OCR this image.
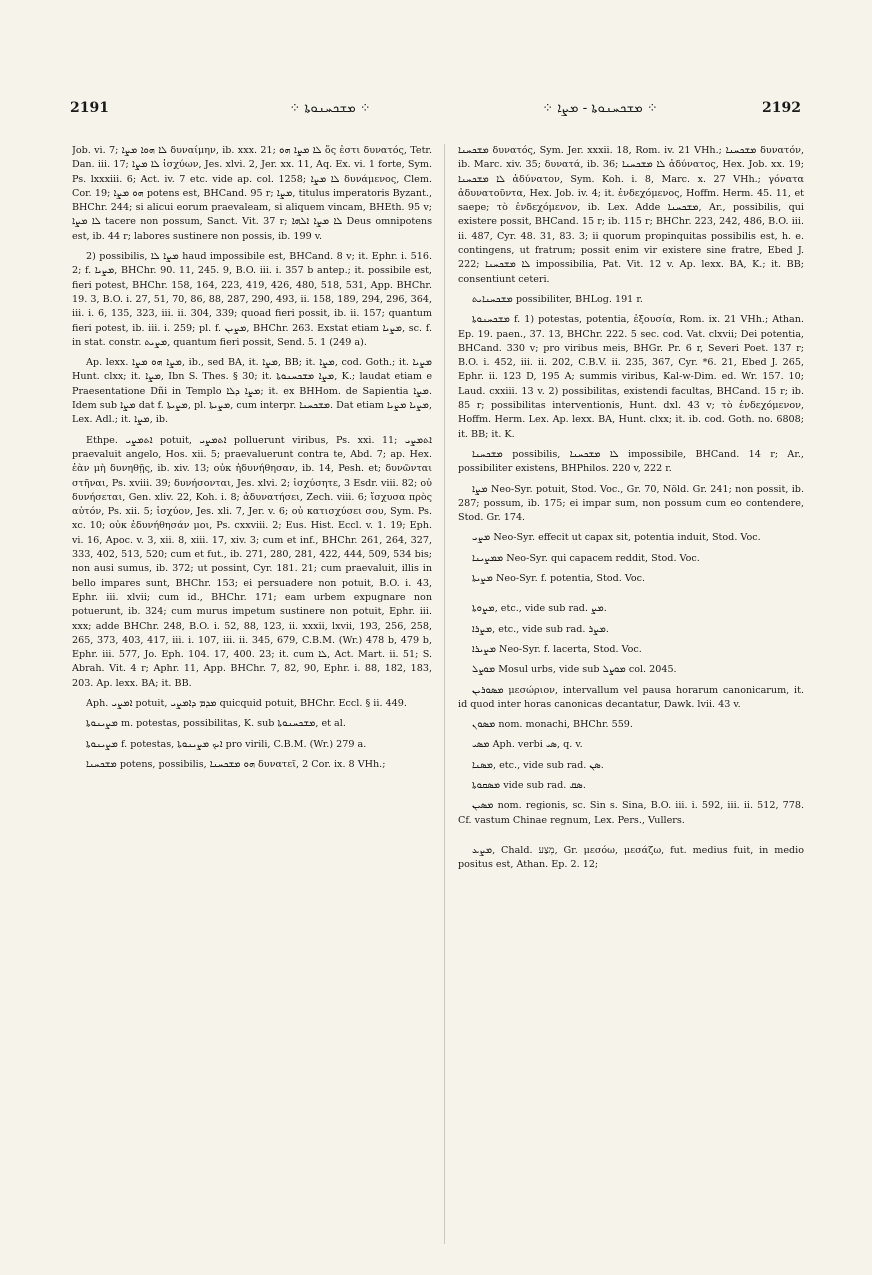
2191	⁘ ܡܫܟܚܢܘܬܐ ⁘	⁘ ܡܫܟܚܢܘܬܐ - ܡܨܐ ⁘	2192

Job. vi. 7; ܠܐ ܗܘܐ ܡܨܐ δυναίμην, ib. xxx. 21; ܠܐ ܡܨܐ ܗܘ ὅς ἐστι δυνατός, Tetr. Dan. iii. 17; ܠܐ ܡܨܐ ἰσχύων, Jes. xlvi. 2, Jer. xx. 11, Aq. Ex. vi. 1 forte, Sym. Ps. lxxxiii. 6; Act. iv. 7 etc. vide ap. col. 1258; ܠܐ ܡܨܐ δυνάμενος, Clem. Cor. 19; ܗܘ ܡܨܐ potens est, BHCand. 95 r; ܡܨܐ, titulus imperatoris Byzant., BHChr. 244; si alicui eorum praevaleam, si aliquem vincam, BHEth. 95 v; ܠܐ ܡܨܐ tacere non possum, Sanct. Vit. 37 r; ܠܐ ܡܨܐ ܐܠܗܐ Deus omnipotens est, ib. 44 r; labores sustinere non possis, ib. 199 v.

2) possibilis, ܡܨܐ ܠܐ haud impossibile est, BHCand. 8 v; it. Ephr. i. 516. 2; f. ܡܨܝܐ, BHChr. 90. 11, 245. 9, B.O. iii. i. 357 b antep.; it. possibile est, fieri potest, BHChr. 158, 164, 223, 419, 426, 480, 518, 531, App. BHChr. 19. 3, B.O. i. 27, 51, 70, 86, 88, 287, 290, 493, ii. 158, 189, 294, 296, 364, iii. i. 6, 135, 323, iii. ii. 304, 339; quoad fieri possit, ib. ii. 157; quantum fieri potest, ib. iii. i. 259; pl. f. ܡܨܝܢ, BHChr. 263. Exstat etiam ܡܨܝܐ, sc. f. in stat. constr. ܡܨܝܬ, quantum fieri possit, Send. 5. 1 (249 a).

Ap. lexx. ܡܨܐ ܗܘ ܡܨܐ, ib., sed BA, it. ܡܨܐ, BB; it. ܡܨܐ, cod. Goth.; it. ܡܨܝܐ Hunt. clxx; it. ܡܨܐ, Ibn S. Thes. § 30; it. ܡܨܐ ܡܫܟܚܢܘܬܐ, K.; laudat etiam e Praesentatione Dñi in Templo ܡܨܐ ܕܠܐ; it. ex BHHom. de Sapientia ܡܨܐ. Idem sub ܡܨܐ dat f. ܡܨܝܬܐ, pl. ܡܨܝܬܐ, cum interpr. ܡܫܟܚܢܐ. Dat etiam ܡܨܝܐ ܡܨܝܐ, Lex. Adl.; it. ܡܨܐ, ib.

Ethpe. ܐܬܡܨܝ potuit, ܐܬܡܨܝ polluerunt viribus, Ps. xxi. 11; ܐܬܡܨܝ praevaluit angelo, Hos. xii. 5; praevaluerunt contra te, Abd. 7; ap. Hex. ἐὰν μὴ δυνηθῇς, ib. xiv. 13; οὐκ ἠδυνήθησαν, ib. 14, Pesh. et; δυνῶνται στῆναι, Ps. xviii. 39; δυνήσονται, Jes. xlvi. 2; ἰσχύσητε, 3 Esdr. viii. 82; οὐ δυνήσεται, Gen. xliv. 22, Koh. i. 8; ἀδυνατήσει, Zech. viii. 6; ἴσχυσα πρὸς αὐτόν, Ps. xii. 5; ἰσχύον, Jes. xli. 7, Jer. v. 6; οὐ κατισχύσει σου, Sym. Ps. xc. 10; οὐκ ἐδυνήθησάν μοι, Ps. cxxviii. 2; Eus. Hist. Eccl. v. 1. 19; Eph. vi. 16, Apoc. v. 3, xii. 8, xiii. 17, xiv. 3; cum et inf., BHChr. 261, 264, 327, 333, 402, 513, 520; cum et fut., ib. 271, 280, 281, 422, 444, 509, 534 bis; non ausi sumus, ib. 372; ut possint, Cyr. 181. 21; cum praevaluit, illis in bello impares sunt, BHChr. 153; ei persuadere non potuit, B.O. i. 43, Ephr. iii. xlvii; cum id., BHChr. 171; eam urbem expugnare non potuerunt, ib. 324; cum murus impetum sustinere non potuit, Ephr. iii. xxx; adde BHChr. 248, B.O. i. 52, 88, 123, ii. xxxii, lxvii, 193, 256, 258, 265, 373, 403, 417, iii. i. 107, iii. ii. 345, 679, C.B.M. (Wr.) 478 b, 479 b, Ephr. iii. 577, Jo. Eph. 104. 17, 400. 23; it. cum ܠܐ, Act. Mart. ii. 51; S. Abrah. Vit. 4 r; Aphr. 11, App. BHChr. 7, 82, 90, Ephr. i. 88, 182, 183, 203. Ap. lexx. BA; it. BB.

Aph. ܐܡܨܝ potuit, ܡܕܡ ܕܐܡܨܝ quicquid potuit, BHChr. Eccl. § ii. 449.

ܡܨܝܢܘܬܐ m. potestas, possibilitas, K. sub ܡܫܟܚܢܘܬܐ, et al.

ܡܨܝܢܘܬܐ f. potestas, ܐܝܟ ܡܨܝܢܘܬܐ pro virili, C.B.M. (Wr.) 279 a.

ܡܫܟܚܢܐ potens, possibilis, ܗܘ ܡܫܟܚܢܐ δυνατεῖ, 2 Cor. ix. 8 VHh.;

ܡܫܟܚܢܐ δυνατός, Sym. Jer. xxxii. 18, Rom. iv. 21 VHh.; ܡܫܟܚܢܐ δυνατόν, ib. Marc. xiv. 35; δυνατά, ib. 36; ܠܐ ܡܫܟܚܢܐ ἀδύνατος, Hex. Job. xx. 19; ܠܐ ܡܫܟܚܢܐ ἀδύνατον, Sym. Koh. i. 8, Marc. x. 27 VHh.; γόνατα ἀδυνατοῦντα, Hex. Job. iv. 4; it. ἐνδεχόμενος, Hoffm. Herm. 45. 11, et saepe; τὸ ἐνδεχόμενον, ib. Lex. Adde ܡܫܟܚܢܐ, Ar., possibilis, qui existere possit, BHCand. 15 r; ib. 115 r; BHChr. 223, 242, 486, B.O. iii. ii. 487, Cyr. 48. 31, 83. 3; ii quorum propinquitas possibilis est, h. e. contingens, ut fratrum; possit enim vir existere sine fratre, Ebed J. 222; ܠܐ ܡܫܟܚܢܐ impossibilia, Pat. Vit. 12 v. Ap. lexx. BA, K.; it. BB; consentiunt ceteri.

ܡܫܟܚܢܐܝܬ possibiliter, BHLog. 191 r.

ܡܫܟܚܢܘܬܐ f. 1) potestas, potentia, ἐξουσία, Rom. ix. 21 VHh.; Athan. Ep. 19. paen., 37. 13, BHChr. 222. 5 sec. cod. Vat. clxvii; Dei potentia, BHCand. 330 v; pro viribus meis, BHGr. Pr. 6 r, Severi Poet. 137 r; B.O. i. 452, iii. ii. 202, C.B.V. ii. 235, 367, Cyr. *6. 21, Ebed J. 265, Ephr. ii. 123 D, 195 A; summis viribus, Kal-w-Dim. ed. Wr. 157. 10; Laud. cxxiii. 13 v. 2) possibilitas, existendi facultas, BHCand. 15 r; ib. 85 r; possibilitas interventionis, Hunt. dxl. 43 v; τὸ ἐνδεχόμενον, Hoffm. Herm. Lex. Ap. lexx. BA, Hunt. clxx; it. ib. cod. Goth. no. 6808; it. BB; it. K.

ܡܫܟܚܢܐ possibilis, ܠܐ ܡܫܟܚܢܐ impossibile, BHCand. 14 r; Ar., possibiliter existens, BHPhilos. 220 v, 222 r.

ܡܨܐ Neo-Syr. potuit, Stod. Voc., Gr. 70, Nöld. Gr. 241; non possit, ib. 287; possum, ib. 175; ei impar sum, non possum cum eo contendere, Stod. Gr. 174.

ܡܨܝ Neo-Syr. effecit ut capax sit, potentia induit, Stod. Voc.

ܡܡܨܝܢܐ Neo-Syr. qui capacem reddit, Stod. Voc.

ܡܨܝܬܐ Neo-Syr. f. potentia, Stod. Voc.

ܡܨܘܬܐ, etc., vide sub rad. ܡܨ.

ܡܨܪܐ, etc., vide sub rad. ܡܨܪ.

ܡܨܝܪܐ Neo-Syr. f. lacerta, Stod. Voc.

ܡܘܨܠ Mosul urbs, vide sub ܡܘܨܠ col. 2045.

ܡܣܘܪܝܢ μεσώριον, intervallum vel pausa horarum canonicarum, it. id quod inter horas canonicas decantatur, Dawk. lvii. 43 v.

ܡܣܘܢ nom. monachi, BHChr. 559.

ܡܣܝ Aph. verbi ܣܝ, q. v.

ܡܣܢܐ, etc., vide sub rad. ܣܢ.

ܡܣܩܘܬܐ vide sub rad. ܣܩ.

ܡܣܝܢ nom. regionis, sc. Sin s. Sina, B.O. iii. i. 592, iii. ii. 512, 778. Cf. vastum Chinae regnum, Lex. Pers., Vullers.

ܡܨܥ, Chald. מְצַע, Gr. μεσόω, μεσάζω, fut. medius fuit, in medio positus est, Athan. Ep. 2. 12;
